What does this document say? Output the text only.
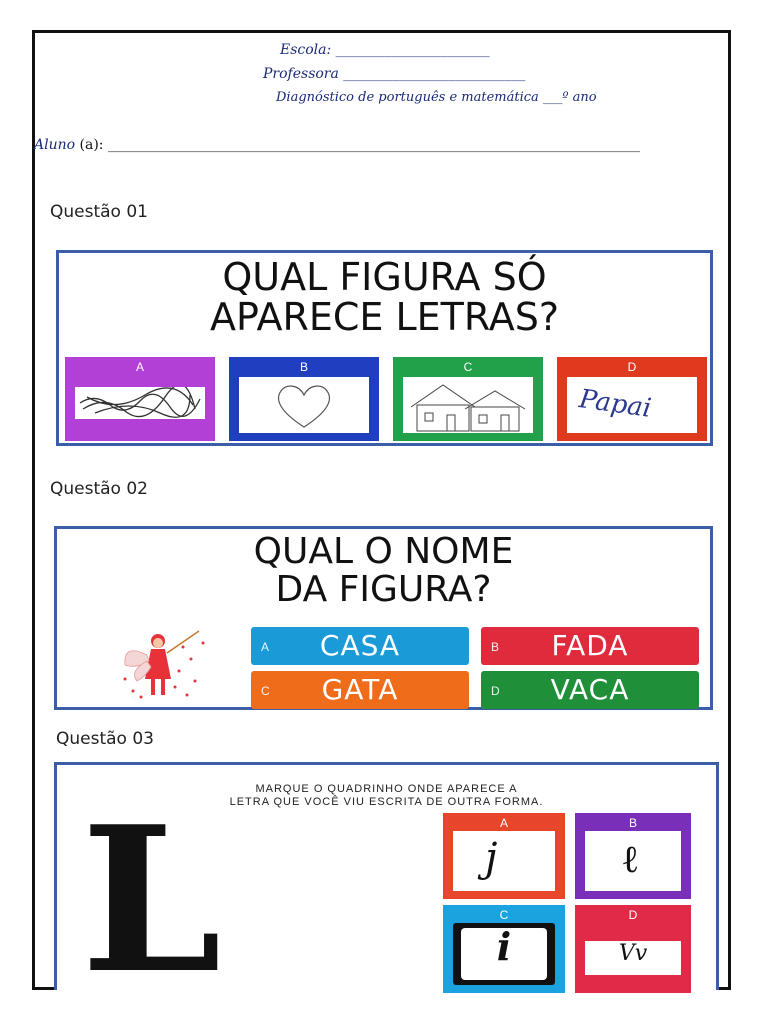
Escola: ______________________
Professora __________________________
Diagnóstico de português e matemática ___º ano
Aluno (a): ____________________________________________________________________________
Questão 01
QUAL FIGURA SÓ
APARECE LETRAS?
A	B	C	D
Papai
Questão 02
QUAL O NOME
DA FIGURA?
A	CASA	B	FADA
C	GATA	D	VACA
Questão 03
MARQUE O QUADRINHO ONDE APARECE A
LETRA QUE VOCÊ VIU ESCRITA DE OUTRA FORMA.
L	A
j
B
ℓ
C
i
D
Vv
